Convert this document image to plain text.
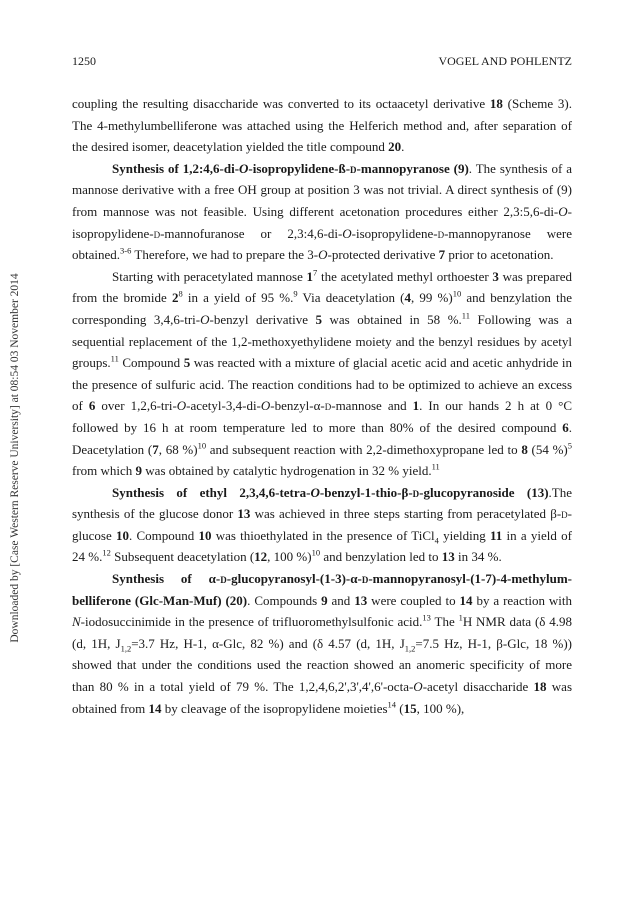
Downloaded by [Case Western Reserve University] at 08:54 03 November 2014
1250	VOGEL AND POHLENTZ

coupling the resulting disaccharide was converted to its octaacetyl derivative 18 (Scheme 3). The 4-methylumbelliferone was attached using the Helferich method and, after separation of the desired isomer, deacetylation yielded the title compound 20.

Synthesis of 1,2:4,6-di-O-isopropylidene-ß-d-mannopyranose (9). The synthesis of a mannose derivative with a free OH group at position 3 was not trivial. A direct synthesis of (9) from mannose was not feasible. Using different acetonation procedures either 2,3:5,6-di-O-isopropylidene-d-mannofuranose or 2,3:4,6-di-O-isopropylidene-d-mannopyranose were obtained.$^{3-6}$ Therefore, we had to prepare the 3-O-protected derivative 7 prior to acetonation.

Starting with peracetylated mannose $1^7$ the acetylated methyl orthoester 3 was prepared from the bromide $2^8$ in a yield of 95 %.$^9$ Via deacetylation (4, 99 %)$^{10}$ and benzylation the corresponding 3,4,6-tri-O-benzyl derivative 5 was obtained in 58 %.$^{11}$ Following was a sequential replacement of the 1,2-methoxyethylidene moiety and the benzyl residues by acetyl groups.$^{11}$ Compound 5 was reacted with a mixture of glacial acetic acid and acetic anhydride in the presence of sulfuric acid. The reaction conditions had to be optimized to achieve an excess of 6 over 1,2,6-tri-O-acetyl-3,4-di-O-benzyl-α-d-mannose and 1. In our hands 2 h at 0 °C followed by 16 h at room temperature led to more than 80% of the desired compound 6. Deacetylation (7, 68 %)$^{10}$ and subsequent reaction with 2,2-dimethoxypropane led to 8 (54 %)$^5$ from which 9 was obtained by catalytic hydrogenation in 32 % yield.$^{11}$

Synthesis of ethyl 2,3,4,6-tetra-O-benzyl-1-thio-β-d-glucopyranoside (13).The synthesis of the glucose donor 13 was achieved in three steps starting from peracetylated β-d-glucose 10. Compound 10 was thioethylated in the presence of TiCl$_4$ yielding 11 in a yield of 24 %.$^{12}$ Subsequent deacetylation (12, 100 %)$^{10}$ and benzylation led to 13 in 34 %.

Synthesis of α-d-glucopyranosyl-(1-3)-α-d-mannopyranosyl-(1-7)-4-methylum-belliferone (Glc-Man-Muf) (20). Compounds 9 and 13 were coupled to 14 by a reaction with N-iodosuccinimide in the presence of trifluoromethylsulfonic acid.$^{13}$ The $^1$H NMR data (δ 4.98 (d, 1H, $J_{1,2}=3.7$ Hz, H-1, α-Glc, 82 %) and (δ 4.57 (d, 1H, $J_{1,2}=7.5$ Hz, H-1, β-Glc, 18 %)) showed that under the conditions used the reaction showed an anomeric specificity of more than 80 % in a total yield of 79 %. The 1,2,4,6,2',3',4',6'-octa-O-acetyl disaccharide 18 was obtained from 14 by cleavage of the isopropylidene moieties$^{14}$ (15, 100 %),
